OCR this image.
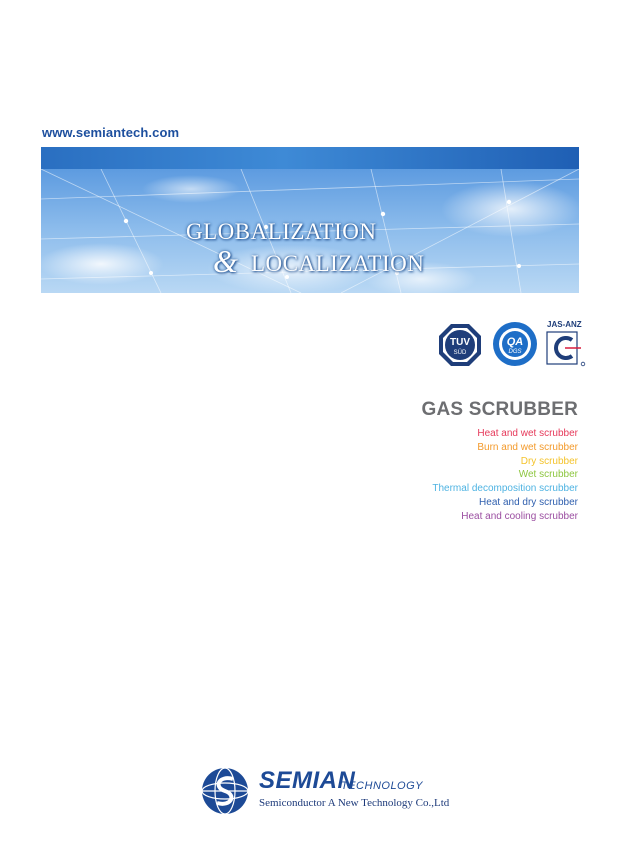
www.semiantech.com
GLOBALIZATION
& LOCALIZATION
TUV
SÜD
QA
DGS
JAS-ANZ
GAS SCRUBBER
Heat and wet scrubber
Burn and wet scrubber
Dry scrubber
Wet scrubber
Thermal decomposition scrubber
Heat and dry scrubber
Heat and cooling scrubber
SEMIAN
TECHNOLOGY
Semiconductor A New Technology Co.,Ltd
